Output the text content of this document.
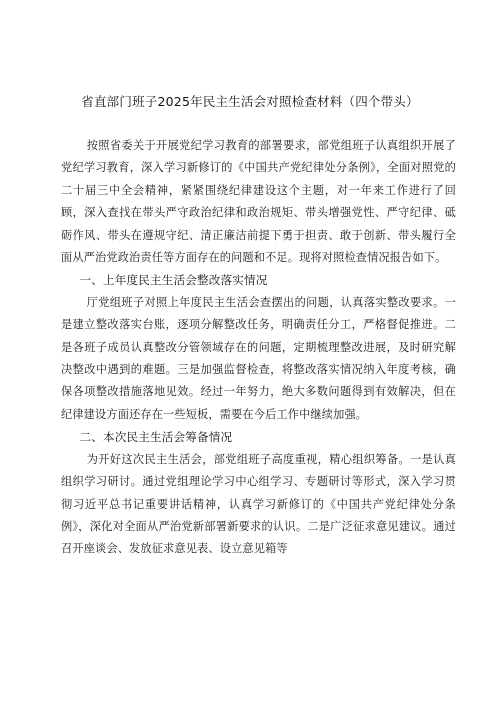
省直部门班子2025年民主生活会对照检查材料（四个带头）

按照省委关于开展党纪学习教育的部署要求，部党组班子认真组织开展了党纪学习教育，深入学习新修订的《中国共产党纪律处分条例》，全面对照党的二十届三中全会精神，紧紧围绕纪律建设这个主题，对一年来工作进行了回顾，深入查找在带头严守政治纪律和政治规矩、带头增强党性、严守纪律、砥砺作风、带头在遵规守纪、清正廉洁前提下勇于担责、敢于创新、带头履行全面从严治党政治责任等方面存在的问题和不足。现将对照检查情况报告如下。

一、上年度民主生活会整改落实情况

厅党组班子对照上年度民主生活会查摆出的问题，认真落实整改要求。一是建立整改落实台账，逐项分解整改任务，明确责任分工，严格督促推进。二是各班子成员认真整改分管领域存在的问题，定期梳理整改进展，及时研究解决整改中遇到的难题。三是加强监督检查，将整改落实情况纳入年度考核，确保各项整改措施落地见效。经过一年努力，绝大多数问题得到有效解决，但在纪律建设方面还存在一些短板，需要在今后工作中继续加强。

二、本次民主生活会筹备情况

为开好这次民主生活会，部党组班子高度重视，精心组织筹备。一是认真组织学习研讨。通过党组理论学习中心组学习、专题研讨等形式，深入学习贯彻习近平总书记重要讲话精神，认真学习新修订的《中国共产党纪律处分条例》，深化对全面从严治党新部署新要求的认识。二是广泛征求意见建议。通过召开座谈会、发放征求意见表、设立意见箱等
